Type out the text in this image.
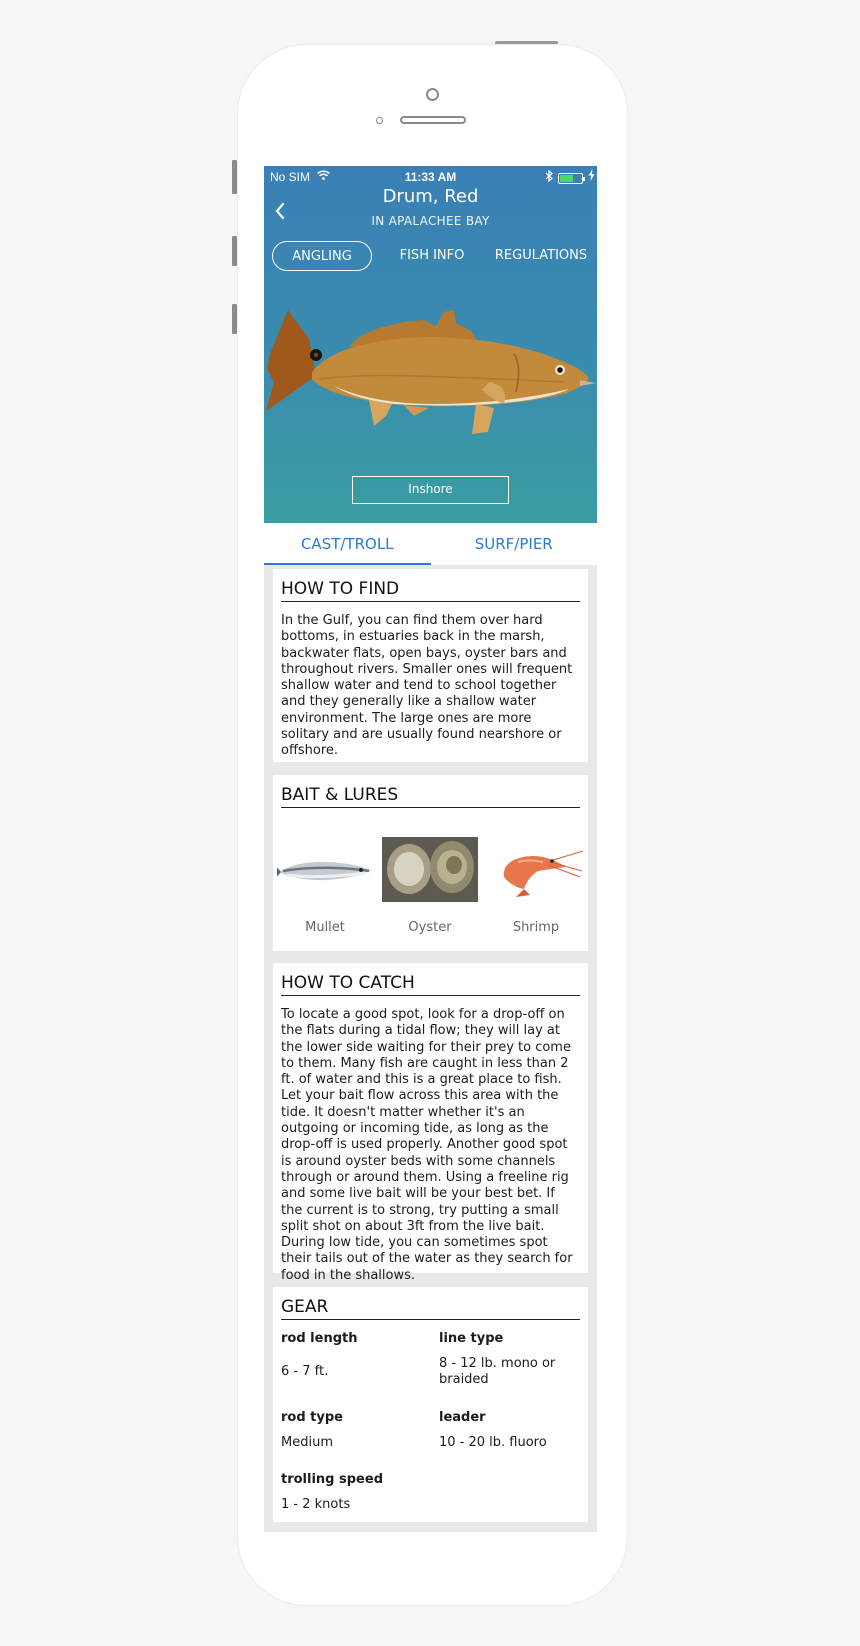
No SIM	11:33 AM
Drum, Red
IN APALACHEE BAY
ANGLING	FISH INFO	REGULATIONS
Inshore
CAST/TROLL	SURF/PIER
HOW TO FIND
In the Gulf, you can find them over hard bottoms, in estuaries back in the marsh, backwater flats, open bays, oyster bars and throughout rivers. Smaller ones will frequent shallow water and tend to school together and they generally like a shallow water environment. The large ones are more solitary and are usually found nearshore or offshore.
BAIT & LURES
Mullet	Oyster	Shrimp
HOW TO CATCH
To locate a good spot, look for a drop-off on the flats during a tidal flow; they will lay at the lower side waiting for their prey to come to them. Many fish are caught in less than 2 ft. of water and this is a great place to fish. Let your bait flow across this area with the tide. It doesn't matter whether it's an outgoing or incoming tide, as long as the drop-off is used properly. Another good spot is around oyster beds with some channels through or around them. Using a freeline rig and some live bait will be your best bet. If the current is to strong, try putting a small split shot on about 3ft from the live bait. During low tide, you can sometimes spot their tails out of the water as they search for food in the shallows.
GEAR
rod length
6 - 7 ft.
line type
8 - 12 lb. mono or braided
rod type
Medium
leader
10 - 20 lb. fluoro
trolling speed
1 - 2 knots
